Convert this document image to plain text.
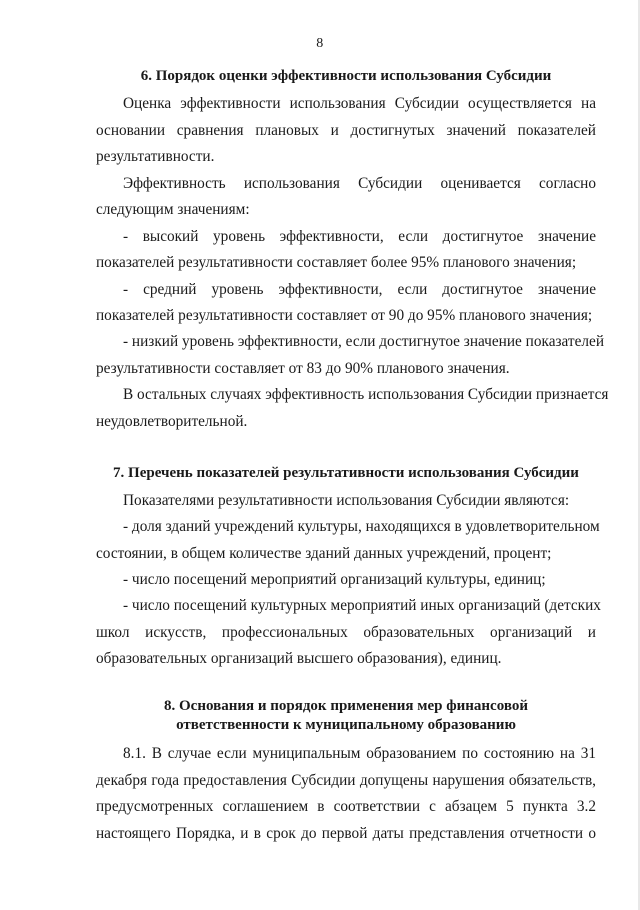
8
6. Порядок оценки эффективности использования Субсидии
Оценка эффективности использования Субсидии осуществляется на
основании сравнения плановых и достигнутых значений показателей
результативности.
Эффективность использования Субсидии оценивается согласно
следующим значениям:
- высокий уровень эффективности, если достигнутое значение
показателей результативности составляет более 95% планового значения;
- средний уровень эффективности, если достигнутое значение
показателей результативности составляет от 90 до 95% планового значения;
- низкий уровень эффективности, если достигнутое значение показателей
результативности составляет от 83 до 90% планового значения.
В остальных случаях эффективность использования Субсидии признается
неудовлетворительной.
7. Перечень показателей результативности использования Субсидии
Показателями результативности использования Субсидии являются:
- доля зданий учреждений культуры, находящихся в удовлетворительном
состоянии, в общем количестве зданий данных учреждений, процент;
- число посещений мероприятий организаций культуры, единиц;
- число посещений культурных мероприятий иных организаций (детских
школ искусств, профессиональных образовательных организаций и
образовательных организаций высшего образования), единиц.
8. Основания и порядок применения мер финансовой
ответственности к муниципальному образованию
8.1. В случае если муниципальным образованием по состоянию на 31
декабря года предоставления Субсидии допущены нарушения обязательств,
предусмотренных соглашением в соответствии с абзацем 5 пункта 3.2
настоящего Порядка, и в срок до первой даты представления отчетности о
